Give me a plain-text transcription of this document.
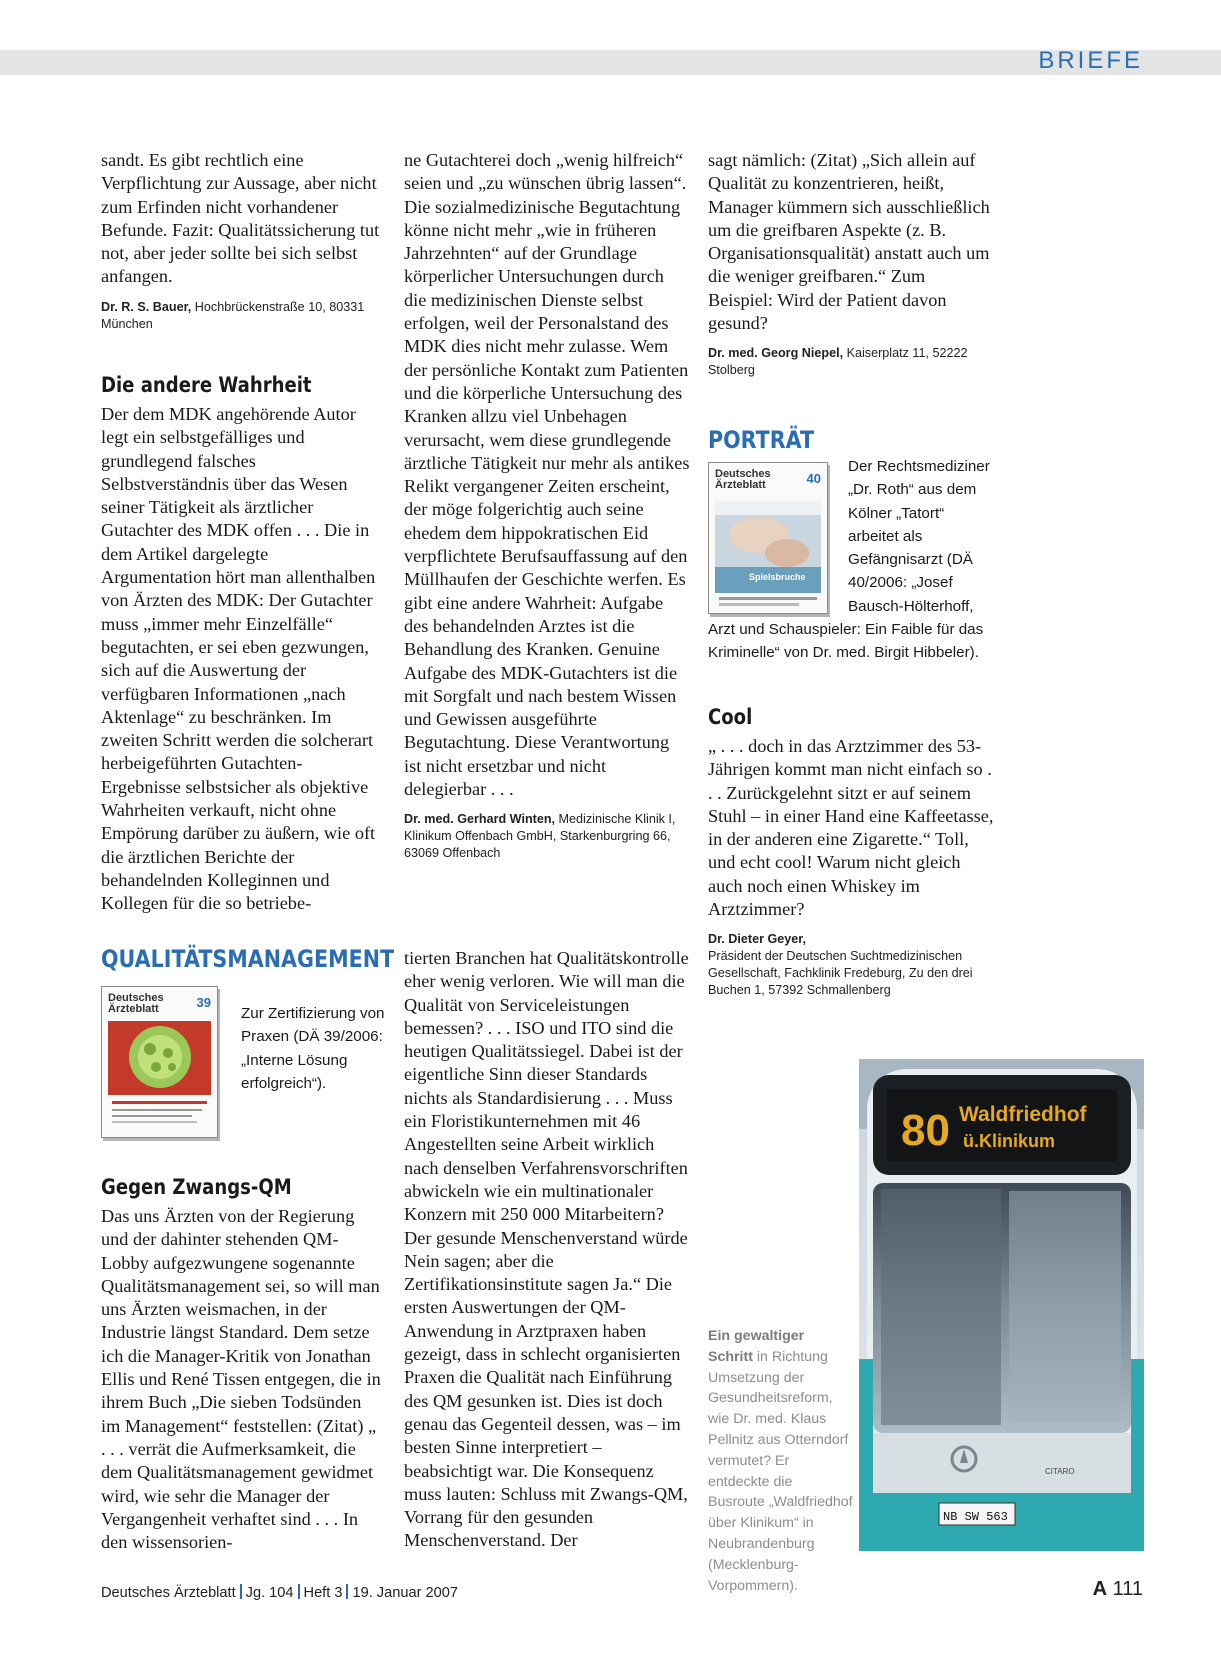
BRIEFE

sandt. Es gibt rechtlich eine Verpflichtung zur Aussage, aber nicht zum Erfinden nicht vorhandener Befunde. Fazit: Qualitätssicherung tut not, aber jeder sollte bei sich selbst anfangen.

Dr. R. S. Bauer, Hochbrückenstraße 10, 80331 München

Die andere Wahrheit

Der dem MDK angehörende Autor legt ein selbstgefälliges und grundlegend falsches Selbstverständnis über das Wesen seiner Tätigkeit als ärztlicher Gutachter des MDK offen . . . Die in dem Artikel dargelegte Argumentation hört man allenthalben von Ärzten des MDK: Der Gutachter muss „immer mehr Einzelfälle“ begutachten, er sei eben gezwungen, sich auf die Auswertung der verfügbaren Informationen „nach Aktenlage“ zu beschränken. Im zweiten Schritt werden die solcherart herbeigeführten Gutachten-Ergebnisse selbstsicher als objektive Wahrheiten verkauft, nicht ohne Empörung darüber zu äußern, wie oft die ärztlichen Berichte der behandelnden Kolleginnen und Kollegen für die so betriebe-

ne Gutachterei doch „wenig hilfreich“ seien und „zu wünschen übrig lassen“. Die sozialmedizinische Begutachtung könne nicht mehr „wie in früheren Jahrzehnten“ auf der Grundlage körperlicher Untersuchungen durch die medizinischen Dienste selbst erfolgen, weil der Personalstand des MDK dies nicht mehr zulasse. Wem der persönliche Kontakt zum Patienten und die körperliche Untersuchung des Kranken allzu viel Unbehagen verursacht, wem diese grundlegende ärztliche Tätigkeit nur mehr als antikes Relikt vergangener Zeiten erscheint, der möge folgerichtig auch seine ehedem dem hippokratischen Eid verpflichtete Berufsauffassung auf den Müllhaufen der Geschichte werfen. Es gibt eine andere Wahrheit: Aufgabe des behandelnden Arztes ist die Behandlung des Kranken. Genuine Aufgabe des MDK-Gutachters ist die mit Sorgfalt und nach bestem Wissen und Gewissen ausgeführte Begutachtung. Diese Verantwortung ist nicht ersetzbar und nicht delegierbar . . .

Dr. med. Gerhard Winten, Medizinische Klinik I, Klinikum Offenbach GmbH, Starkenburgring 66, 63069 Offenbach

sagt nämlich: (Zitat) „Sich allein auf Qualität zu konzentrieren, heißt, Manager kümmern sich ausschließlich um die greifbaren Aspekte (z. B. Organisationsqualität) anstatt auch um die weniger greifbaren.“ Zum Beispiel: Wird der Patient davon gesund?

Dr. med. Georg Niepel, Kaiserplatz 11, 52222 Stolberg

PORTRÄT
Deutsches Ärzteblatt	40
Spielsbruche

Der Rechtsmediziner „Dr. Roth“ aus dem Kölner „Tatort“ arbeitet als Gefängnisarzt (DÄ 40/2006: „Josef Bausch-Hölterhoff, Arzt und Schauspieler: Ein Faible für das Kriminelle“ von Dr. med. Birgit Hibbeler).

Cool

„ . . . doch in das Arztzimmer des 53-Jährigen kommt man nicht einfach so . . . Zurückgelehnt sitzt er auf seinem Stuhl – in einer Hand eine Kaffeetasse, in der anderen eine Zigarette.“ Toll, und echt cool! Warum nicht gleich auch noch einen Whiskey im Arztzimmer?

Dr. Dieter Geyer,
Präsident der Deutschen Suchtmedizinischen Gesellschaft, Fachklinik Fredeburg, Zu den drei Buchen 1, 57392 Schmallenberg

QUALITÄTSMANAGEMENT
Deutsches Ärzteblatt	39

Zur Zertifizierung von Praxen (DÄ 39/2006: „Interne Lösung erfolgreich“).

Gegen Zwangs-QM

Das uns Ärzten von der Regierung und der dahinter stehenden QM-Lobby aufgezwungene sogenannte Qualitätsmanagement sei, so will man uns Ärzten weismachen, in der Industrie längst Standard. Dem setze ich die Manager-Kritik von Jonathan Ellis und René Tissen entgegen, die in ihrem Buch „Die sieben Todsünden im Management“ feststellen: (Zitat) „ . . . verrät die Aufmerksamkeit, die dem Qualitätsmanagement gewidmet wird, wie sehr die Manager der Vergangenheit verhaftet sind . . . In den wissensorien-

tierten Branchen hat Qualitätskontrolle eher wenig verloren. Wie will man die Qualität von Serviceleistungen bemessen? . . . ISO und ITO sind die heutigen Qualitätssiegel. Dabei ist der eigentliche Sinn dieser Standards nichts als Standardisierung . . . Muss ein Floristikunternehmen mit 46 Angestellten seine Arbeit wirklich nach denselben Verfahrensvorschriften abwickeln wie ein multinationaler Konzern mit 250 000 Mitarbeitern? Der gesunde Menschenverstand würde Nein sagen; aber die Zertifikationsinstitute sagen Ja.“ Die ersten Auswertungen der QM-Anwendung in Arztpraxen haben gezeigt, dass in schlecht organisierten Praxen die Qualität nach Einführung des QM gesunken ist. Dies ist doch genau das Gegenteil dessen, was – im besten Sinne interpretiert – beabsichtigt war. Die Konsequenz muss lauten: Schluss mit Zwangs-QM, Vorrang für den gesunden Menschenverstand. Der

Ein gewaltiger Schritt in Richtung Umsetzung der Gesundheitsreform, wie Dr. med. Klaus Pellnitz aus Otterndorf vermutet? Er entdeckte die Busroute „Waldfriedhof über Klinikum“ in Neubrandenburg (Mecklenburg-Vorpommern).

80 Waldfriedhof
ü.Klinikum
CITARO
NB SW 563
Deutsches Ärzteblatt Jg. 104 Heft 3 19. Januar 2007	A 111
